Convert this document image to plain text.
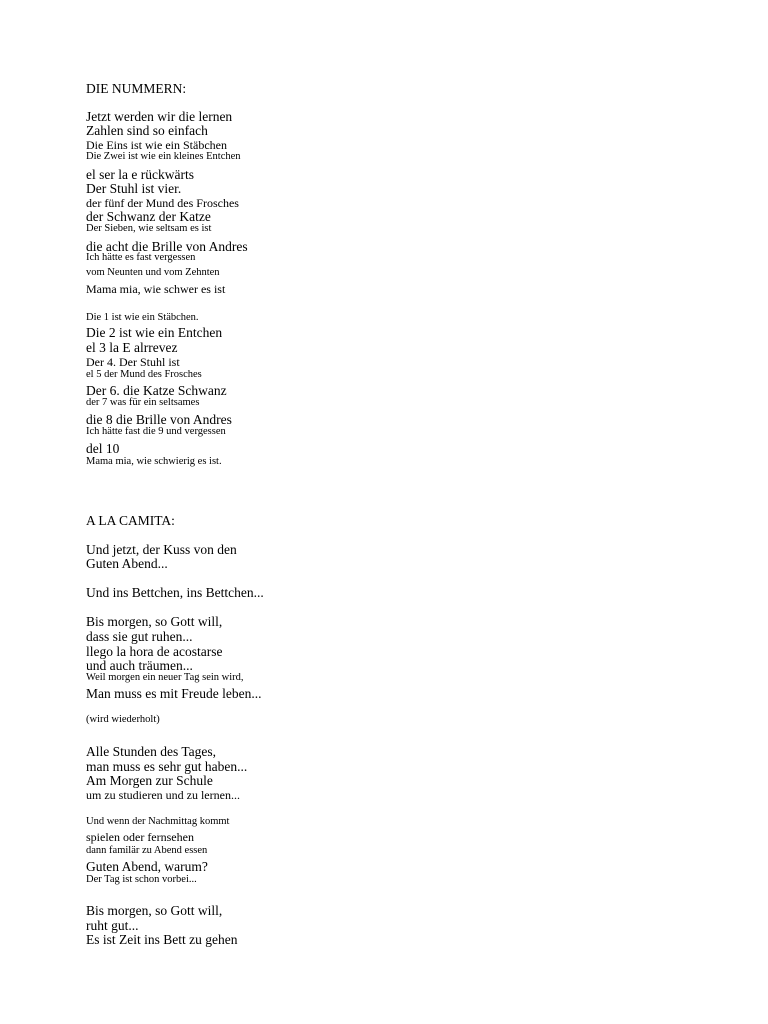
DIE NUMMERN:
Jetzt werden wir die lernen
Zahlen sind so einfach
Die Eins ist wie ein Stäbchen
Die Zwei ist wie ein kleines Entchen
el ser la e rückwärts
Der Stuhl ist vier.
der fünf der Mund des Frosches
der Schwanz der Katze
Der Sieben, wie seltsam es ist
die acht die Brille von Andres
Ich hätte es fast vergessen
vom Neunten und vom Zehnten
Mama mia, wie schwer es ist
Die 1 ist wie ein Stäbchen.
Die 2 ist wie ein Entchen
el 3 la E alrrevez
Der 4. Der Stuhl ist
el 5 der Mund des Frosches
Der 6. die Katze Schwanz
der 7 was für ein seltsames
die 8 die Brille von Andres
Ich hätte fast die 9 und vergessen
del 10
Mama mia, wie schwierig es ist.
A LA CAMITA:
Und jetzt, der Kuss von den
Guten Abend...
Und ins Bettchen, ins Bettchen...
Bis morgen, so Gott will,
dass sie gut ruhen...
llego la hora de acostarse
und auch träumen...
Weil morgen ein neuer Tag sein wird,
Man muss es mit Freude leben...
(wird wiederholt)
Alle Stunden des Tages,
man muss es sehr gut haben...
Am Morgen zur Schule
um zu studieren und zu lernen...
Und wenn der Nachmittag kommt
spielen oder fernsehen
dann familär zu Abend essen
Guten Abend, warum?
Der Tag ist schon vorbei...
Bis morgen, so Gott will,
ruht gut...
Es ist Zeit ins Bett zu gehen
